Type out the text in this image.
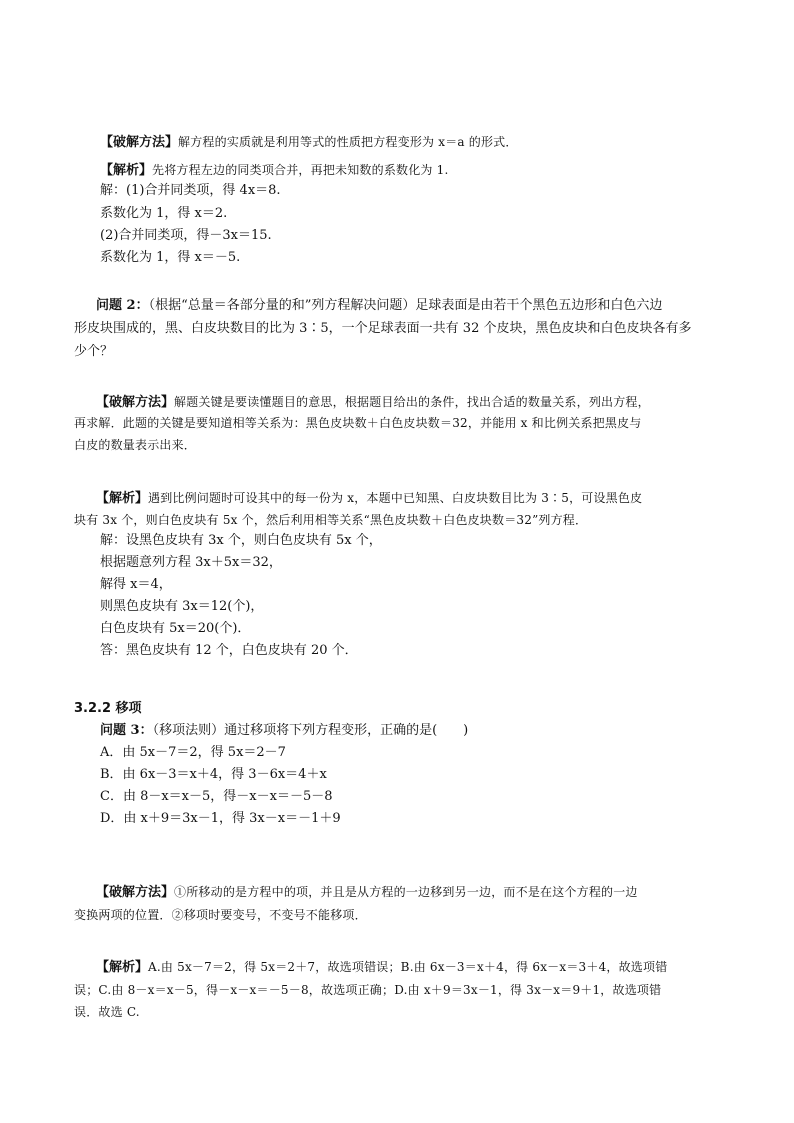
【破解方法】解方程的实质就是利用等式的性质把方程变形为 x＝a 的形式．
【解析】先将方程左边的同类项合并，再把未知数的系数化为 1.
解：(1)合并同类项，得 4x＝8.
系数化为 1，得 x＝2.
(2)合并同类项，得－3x＝15.
系数化为 1，得 x＝－5.
问题 2：（根据“总量＝各部分量的和”列方程解决问题）足球表面是由若干个黑色五边形和白色六边
形皮块围成的，黑、白皮块数目的比为 3∶5，一个足球表面一共有 32 个皮块，黑色皮块和白色皮块各有多
少个？
【破解方法】解题关键是要读懂题目的意思，根据题目给出的条件，找出合适的数量关系，列出方程，
再求解．此题的关键是要知道相等关系为：黑色皮块数＋白色皮块数＝32，并能用 x 和比例关系把黑皮与
白皮的数量表示出来．
【解析】遇到比例问题时可设其中的每一份为 x，本题中已知黑、白皮块数目比为 3∶5，可设黑色皮
块有 3x 个，则白色皮块有 5x 个，然后利用相等关系“黑色皮块数＋白色皮块数＝32”列方程．
解：设黑色皮块有 3x 个，则白色皮块有 5x 个，
根据题意列方程 3x＋5x＝32，
解得 x＝4，
则黑色皮块有 3x＝12(个)，
白色皮块有 5x＝20(个)．
答：黑色皮块有 12 个，白色皮块有 20 个．
3.2.2 移项
问题 3：（移项法则）通过移项将下列方程变形，正确的是(　　)
A．由 5x－7＝2，得 5x＝2－7
B．由 6x－3＝x＋4，得 3－6x＝4＋x
C．由 8－x＝x－5，得－x－x＝－5－8
D．由 x＋9＝3x－1，得 3x－x＝－1＋9
【破解方法】①所移动的是方程中的项，并且是从方程的一边移到另一边，而不是在这个方程的一边
变换两项的位置．②移项时要变号，不变号不能移项．
【解析】A.由 5x－7＝2，得 5x＝2＋7，故选项错误；B.由 6x－3＝x＋4，得 6x－x＝3＋4，故选项错
误；C.由 8－x＝x－5，得－x－x＝－5－8，故选项正确；D.由 x＋9＝3x－1，得 3x－x＝9＋1，故选项错
误．故选 C.
